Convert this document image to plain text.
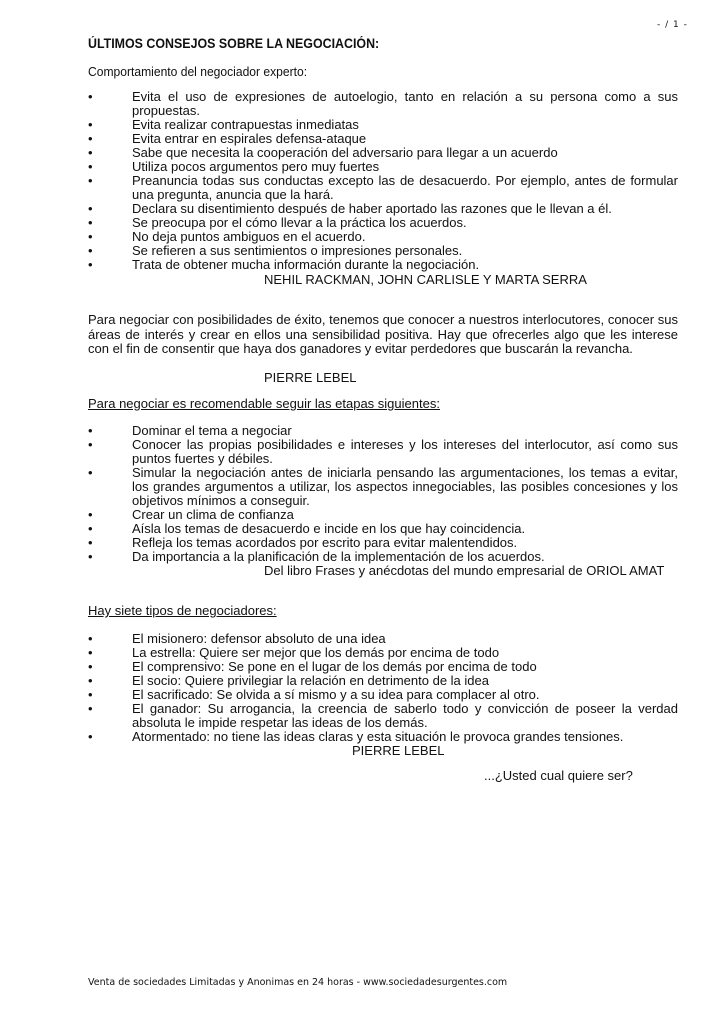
- / 1 -
ÚLTIMOS CONSEJOS SOBRE LA NEGOCIACIÓN:
Comportamiento del negociador experto:
• Evita el uso de expresiones de autoelogio, tanto en relación a su persona como a sus propuestas.
• Evita realizar contrapuestas inmediatas
• Evita entrar en espirales defensa-ataque
• Sabe que necesita la cooperación del adversario para llegar a un acuerdo
• Utiliza pocos argumentos pero muy fuertes
• Preanuncia todas sus conductas excepto las de desacuerdo. Por ejemplo, antes de formular una pregunta, anuncia que la hará.
• Declara su disentimiento después de haber aportado las razones que le llevan a él.
• Se preocupa por el cómo llevar a la práctica los acuerdos.
• No deja puntos ambiguos en el acuerdo.
• Se refieren a sus sentimientos o impresiones personales.
• Trata de obtener mucha información durante la negociación.
NEHIL RACKMAN, JOHN CARLISLE Y MARTA SERRA
Para negociar con posibilidades de éxito, tenemos que conocer a nuestros interlocutores, conocer sus áreas de interés y crear en ellos una sensibilidad positiva. Hay que ofrecerles algo que les interese con el fin de consentir que haya dos ganadores y evitar perdedores que buscarán la revancha.
PIERRE LEBEL
Para negociar es recomendable seguir las etapas siguientes:
• Dominar el tema a negociar
• Conocer las propias posibilidades e intereses y los intereses del interlocutor, así como sus puntos fuertes y débiles.
• Simular la negociación antes de iniciarla pensando las argumentaciones, los temas a evitar, los grandes argumentos a utilizar, los aspectos innegociables, las posibles concesiones y los objetivos mínimos a conseguir.
• Crear un clima de confianza
• Aísla los temas de desacuerdo e incide en los que hay coincidencia.
• Refleja los temas acordados por escrito para evitar malentendidos.
• Da importancia a la planificación de la implementación de los acuerdos.
Del libro Frases y anécdotas del mundo empresarial de ORIOL AMAT
Hay siete tipos de negociadores:
• El misionero: defensor absoluto de una idea
• La estrella: Quiere ser mejor que los demás por encima de todo
• El comprensivo: Se pone en el lugar de los demás por encima de todo
• El socio: Quiere privilegiar la relación en detrimento de la idea
• El sacrificado: Se olvida a sí mismo y a su idea para complacer al otro.
• El ganador: Su arrogancia, la creencia de saberlo todo y convicción de poseer la verdad absoluta le impide respetar las ideas de los demás.
• Atormentado: no tiene las ideas claras y esta situación le provoca grandes tensiones.
PIERRE LEBEL
...¿Usted cual quiere ser?
Venta de sociedades Limitadas y Anonimas en 24 horas - www.sociedadesurgentes.com
